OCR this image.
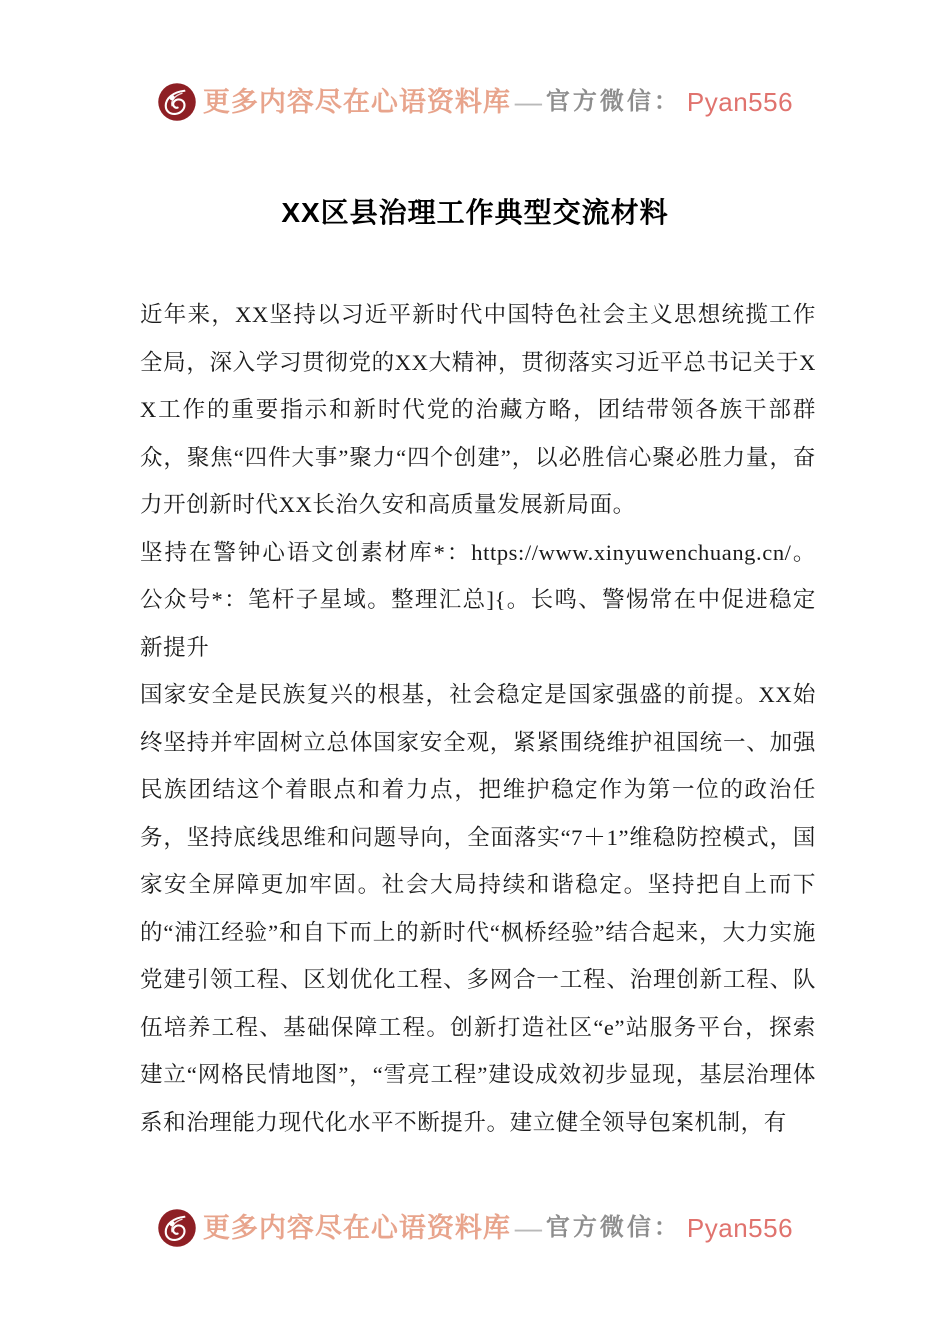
更多内容尽在心语资料库 — 官方微信： Pyan556
XX区县治理工作典型交流材料

近年来，XX坚持以习近平新时代中国特色社会主义思想统揽工作全局，深入学习贯彻党的XX大精神，贯彻落实习近平总书记关于XX工作的重要指示和新时代党的治藏方略，团结带领各族干部群众，聚焦“四件大事”聚力“四个创建”，以必胜信心聚必胜力量，奋力开创新时代XX长治久安和高质量发展新局面。

坚持在警钟心语文创素材库*：https://www.xinyuwenchuang.cn/。公众号*：笔杆子星域。整理汇总]{。长鸣、警惕常在中促进稳定新提升

国家安全是民族复兴的根基，社会稳定是国家强盛的前提。XX始终坚持并牢固树立总体国家安全观，紧紧围绕维护祖国统一、加强民族团结这个着眼点和着力点，把维护稳定作为第一位的政治任务，坚持底线思维和问题导向，全面落实“7＋1”维稳防控模式，国家安全屏障更加牢固。社会大局持续和谐稳定。坚持把自上而下的“浦江经验”和自下而上的新时代“枫桥经验”结合起来，大力实施党建引领工程、区划优化工程、多网合一工程、治理创新工程、队伍培养工程、基础保障工程。创新打造社区“e”站服务平台，探索建立“网格民情地图”，“雪亮工程”建设成效初步显现，基层治理体系和治理能力现代化水平不断提升。建立健全领导包案机制，有

更多内容尽在心语资料库 — 官方微信： Pyan556
